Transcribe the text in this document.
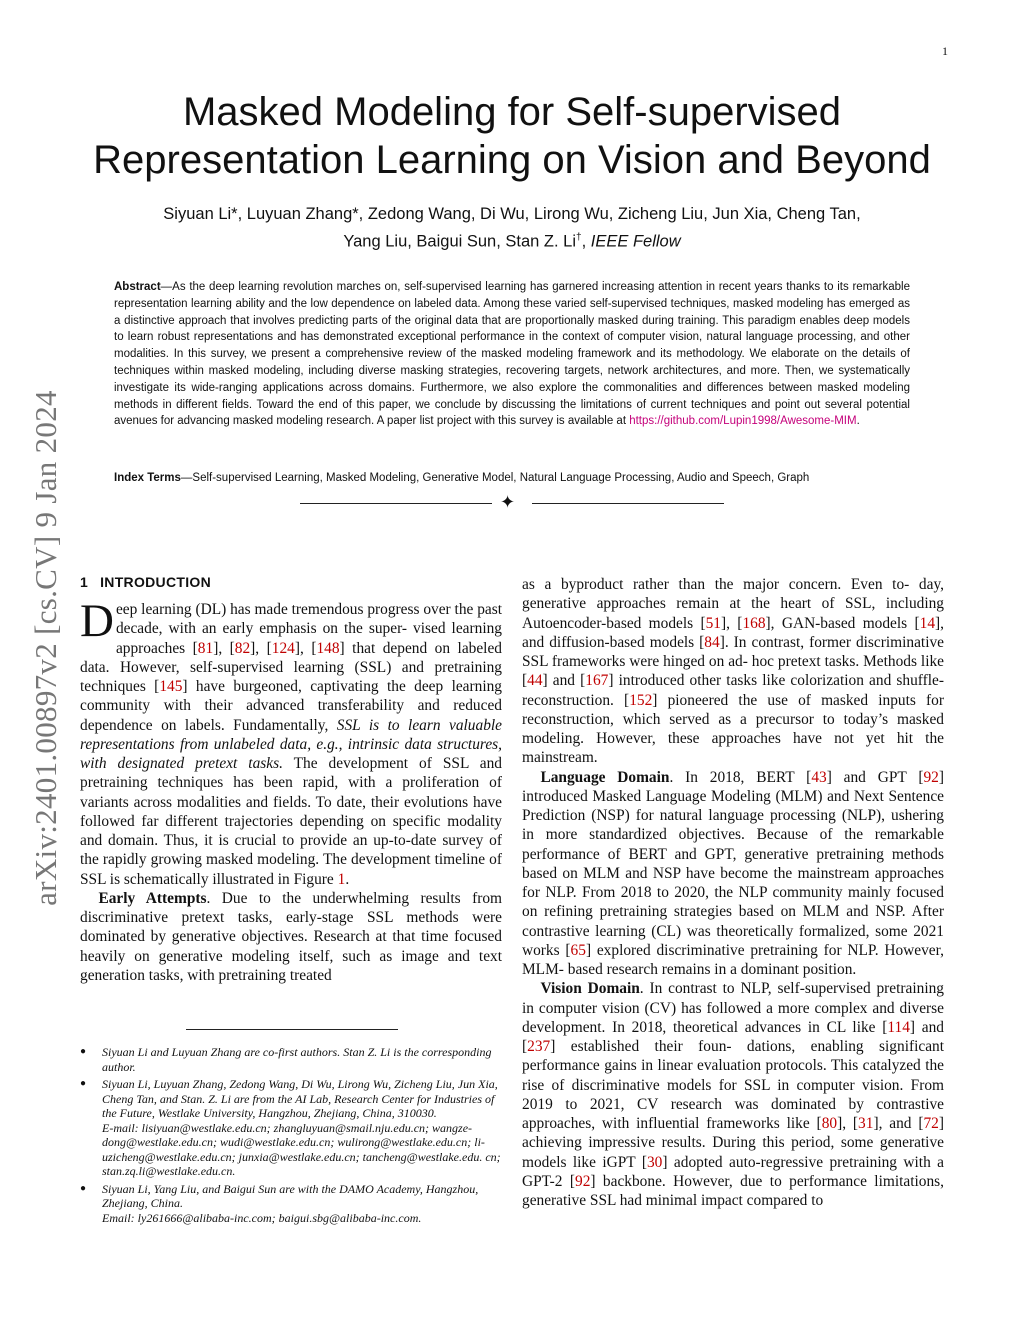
1
arXiv:2401.00897v2 [cs.CV] 9 Jan 2024
Masked Modeling for Self-supervised
Representation Learning on Vision and Beyond
Siyuan Li*, Luyuan Zhang*, Zedong Wang, Di Wu, Lirong Wu, Zicheng Liu, Jun Xia, Cheng Tan,
Yang Liu, Baigui Sun, Stan Z. Li†, IEEE Fellow
Abstract—As the deep learning revolution marches on, self-supervised learning has garnered increasing attention in recent years thanks to its remarkable representation learning ability and the low dependence on labeled data. Among these varied self-supervised techniques, masked modeling has emerged as a distinctive approach that involves predicting parts of the original data that are proportionally masked during training. This paradigm enables deep models to learn robust representations and has demonstrated exceptional performance in the context of computer vision, natural language processing, and other modalities. In this survey, we present a comprehensive review of the masked modeling framework and its methodology. We elaborate on the details of techniques within masked modeling, including diverse masking strategies, recovering targets, network architectures, and more. Then, we systematically investigate its wide-ranging applications across domains. Furthermore, we also explore the commonalities and differences between masked modeling methods in different fields. Toward the end of this paper, we conclude by discussing the limitations of current techniques and point out several potential avenues for advancing masked modeling research. A paper list project with this survey is available at https://github.com/Lupin1998/Awesome-MIM.
Index Terms—Self-supervised Learning, Masked Modeling, Generative Model, Natural Language Processing, Audio and Speech, Graph
✦
1 INTRODUCTION

Deep learning (DL) has made tremendous progress over the past decade, with an early emphasis on the super- vised learning approaches [81], [82], [124], [148] that depend on labeled data. However, self-supervised learning (SSL) and pretraining techniques [145] have burgeoned, captivating the deep learning community with their advanced transferability and reduced dependence on labels. Fundamentally, SSL is to learn valuable representations from unlabeled data, e.g., intrinsic data structures, with designated pretext tasks. The development of SSL and pretraining techniques has been rapid, with a proliferation of variants across modalities and fields. To date, their evolutions have followed far different trajectories depending on specific modality and domain. Thus, it is crucial to provide an up-to-date survey of the rapidly growing masked modeling. The development timeline of SSL is schematically illustrated in Figure 1.

Early Attempts. Due to the underwhelming results from discriminative pretext tasks, early-stage SSL methods were dominated by generative objectives. Research at that time focused heavily on generative modeling itself, such as image and text generation tasks, with pretraining treated

as a byproduct rather than the major concern. Even to- day, generative approaches remain at the heart of SSL, including Autoencoder-based models [51], [168], GAN-based models [14], and diffusion-based models [84]. In contrast, former discriminative SSL frameworks were hinged on ad- hoc pretext tasks. Methods like [44] and [167] introduced other tasks like colorization and shuffle-reconstruction. [152] pioneered the use of masked inputs for reconstruction, which served as a precursor to today’s masked modeling. However, these approaches have not yet hit the mainstream.

Language Domain. In 2018, BERT [43] and GPT [92] introduced Masked Language Modeling (MLM) and Next Sentence Prediction (NSP) for natural language processing (NLP), ushering in more standardized objectives. Because of the remarkable performance of BERT and GPT, generative pretraining methods based on MLM and NSP have become the mainstream approaches for NLP. From 2018 to 2020, the NLP community mainly focused on refining pretraining strategies based on MLM and NSP. After contrastive learning (CL) was theoretically formalized, some 2021 works [65] explored discriminative pretraining for NLP. However, MLM- based research remains in a dominant position.

Vision Domain. In contrast to NLP, self-supervised pretraining in computer vision (CV) has followed a more complex and diverse development. In 2018, theoretical advances in CL like [114] and [237] established their foun- dations, enabling significant performance gains in linear evaluation protocols. This catalyzed the rise of discriminative models for SSL in computer vision. From 2019 to 2021, CV research was dominated by contrastive approaches, with influential frameworks like [80], [31], and [72] achieving impressive results. During this period, some generative models like iGPT [30] adopted auto-regressive pretraining with a GPT-2 [92] backbone. However, due to performance limitations, generative SSL had minimal impact compared to

● Siyuan Li and Luyuan Zhang are co-first authors. Stan Z. Li is the corresponding author.
● Siyuan Li, Luyuan Zhang, Zedong Wang, Di Wu, Lirong Wu, Zicheng Liu, Jun Xia, Cheng Tan, and Stan. Z. Li are from the AI Lab, Research Center for Industries of the Future, Westlake University, Hangzhou, Zhejiang, China, 310030.
E-mail: lisiyuan@westlake.edu.cn; zhangluyuan@smail.nju.edu.cn; wangze- dong@westlake.edu.cn; wudi@westlake.edu.cn; wulirong@westlake.edu.cn; li- uzicheng@westlake.edu.cn; junxia@westlake.edu.cn; tancheng@westlake.edu. cn; stan.zq.li@westlake.edu.cn.
● Siyuan Li, Yang Liu, and Baigui Sun are with the DAMO Academy, Hangzhou, Zhejiang, China.
Email: ly261666@alibaba-inc.com; baigui.sbg@alibaba-inc.com.
